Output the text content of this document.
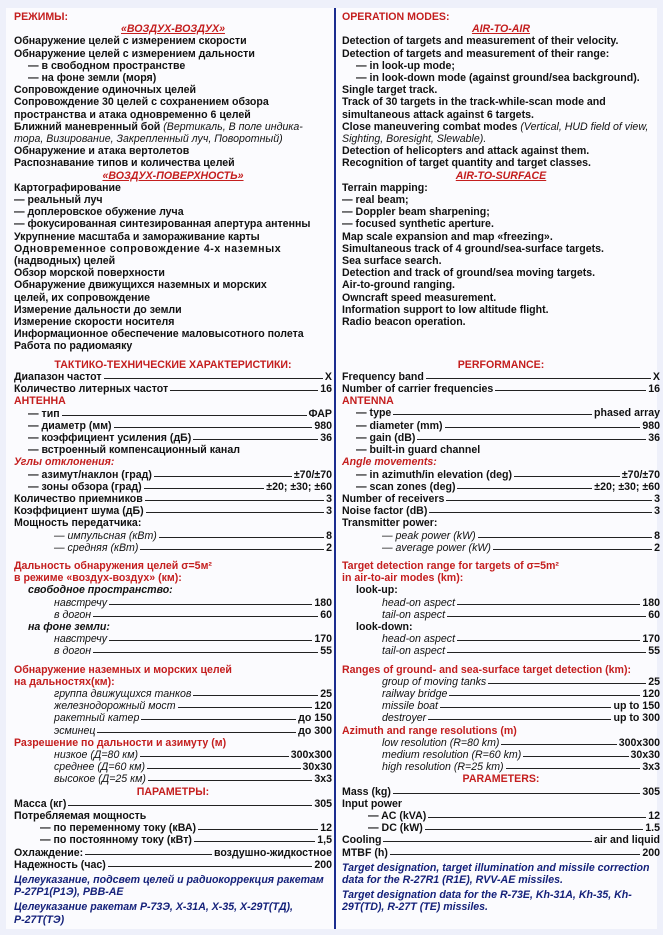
РЕЖИМЫ:
«ВОЗДУХ-ВОЗДУХ»
Обнаружение целей с измерением скорости
Обнаружение целей с измерением дальности
— в свободном пространстве
— на фоне земли (моря)
Сопровождение одиночных целей
Сопровождение 30 целей с сохранением обзора
пространства и атака одновременно 6 целей
Ближний маневренный бой (Вертикаль, В поле индика-
тора, Визирование, Закрепленный луч, Поворотный)
Обнаружение и атака вертолетов
Распознавание типов и количества целей
«ВОЗДУХ-ПОВЕРХНОСТЬ»
Картографирование
— реальный луч
— доплеровское обужение луча
— фокусированная синтезированная апертура антенны
Укрупнение масштаба и замораживание карты
Одновременное сопровождение 4-х наземных
(надводных) целей
Обзор морской поверхности
Обнаружение движущихся наземных и морских
целей, их сопровождение
Измерение дальности до земли
Измерение скорости носителя
Информационное обеспечение маловысотного полета
Работа по радиомаяку
ТАКТИКО-ТЕХНИЧЕСКИЕ ХАРАКТЕРИСТИКИ:
Диапазон частот	X
Количество литерных частот	16
АНТЕННА
— тип	ФАР
— диаметр (мм)	980
— коэффициент усиления (дБ)	36
— встроенный компенсационный канал
Углы отклонения:
— азимут/наклон (град)	±70/±70
— зоны обзора (град)	±20; ±30; ±60
Количество приемников	3
Коэффициент шума (дБ)	3
Мощность передатчика:
— импульсная (кВт)	8
— средняя (кВт)	2
Дальность обнаружения целей σ=5м²
в режиме «воздух-воздух» (км):
свободное пространство:
навстречу	180
в догон	60
на фоне земли:
навстречу	170
в догон	55
Обнаружение наземных и морских целей
на дальностях(км):
группа движущихся танков	25
железнодорожный мост	120
ракетный катер	до 150
эсминец	до 300
Разрешение по дальности и азимуту (м)
низкое (Д=80 км)	300x300
среднее (Д=60 км)	30x30
высокое (Д=25 км)	3x3
ПАРАМЕТРЫ:
Масса (кг)	305
Потребляемая мощность
— по переменному току (кВА)	12
— по постоянному току (кВт)	1,5
Охлаждение:	воздушно-жидкостное
Надежность (час)	200
Целеуказание, подсвет целей и радиокоррекция ракетам Р-27Р1(Р1Э), РВВ-АЕ
Целеуказание ракетам Р-73Э, Х-31А, Х-35, Х-29Т(ТД), Р-27Т(ТЭ)
OPERATION MODES:
AIR-TO-AIR
Detection of targets and measurement of their velocity.
Detection of targets and measurement of their range:
— in look-up mode;
— in look-down mode (against ground/sea background).
Single target track.
Track of 30 targets in the track-while-scan mode and
simultaneous attack against 6 targets.
Close maneuvering combat modes (Vertical, HUD field of view,
Sighting, Boresight, Slewable).
Detection of helicopters and attack against them.
Recognition of target quantity and target classes.
AIR-TO-SURFACE
Terrain mapping:
— real beam;
— Doppler beam sharpening;
— focused synthetic aperture.
Map scale expansion and map «freezing».
Simultaneous track of 4 ground/sea-surface targets.
Sea surface search.
Detection and track of ground/sea moving targets.
Air-to-ground ranging.
Owncraft speed measurement.
Information support to low altitude flight.
Radio beacon operation.
PERFORMANCE:
Frequency band	X
Number of carrier frequencies	16
ANTENNA
— type	phased array
— diameter (mm)	980
— gain (dB)	36
— built-in guard channel
Angle movements:
— in azimuth/in elevation (deg)	±70/±70
— scan zones (deg)	±20; ±30; ±60
Number of receivers	3
Noise factor (dB)	3
Transmitter power:
— peak power (kW)	8
— average power (kW)	2
Target detection range for targets of σ=5m²
in air-to-air modes (km):
look-up:
head-on aspect	180
tail-on aspect	60
look-down:
head-on aspect	170
tail-on aspect	55
Ranges of ground- and sea-surface target detection (km):
group of moving tanks	25
railway bridge	120
missile boat	up to 150
destroyer	up to 300
Azimuth and range resolutions (m)
low resolution (R=80 km)	300x300
medium resolution (R=60 km)	30x30
high resolution (R=25 km)	3x3
PARAMETERS:
Mass (kg)	305
Input power
— AC (kVA)	12
— DC (kW)	1.5
Cooling	air and liquid
MTBF (h)	200
Target designation, target illumination and missile correction data for the R-27R1 (R1E), RVV-AE missiles.
Target designation data for the R-73E, Kh-31A, Kh-35, Kh-29T(TD), R-27T (TE) missiles.
